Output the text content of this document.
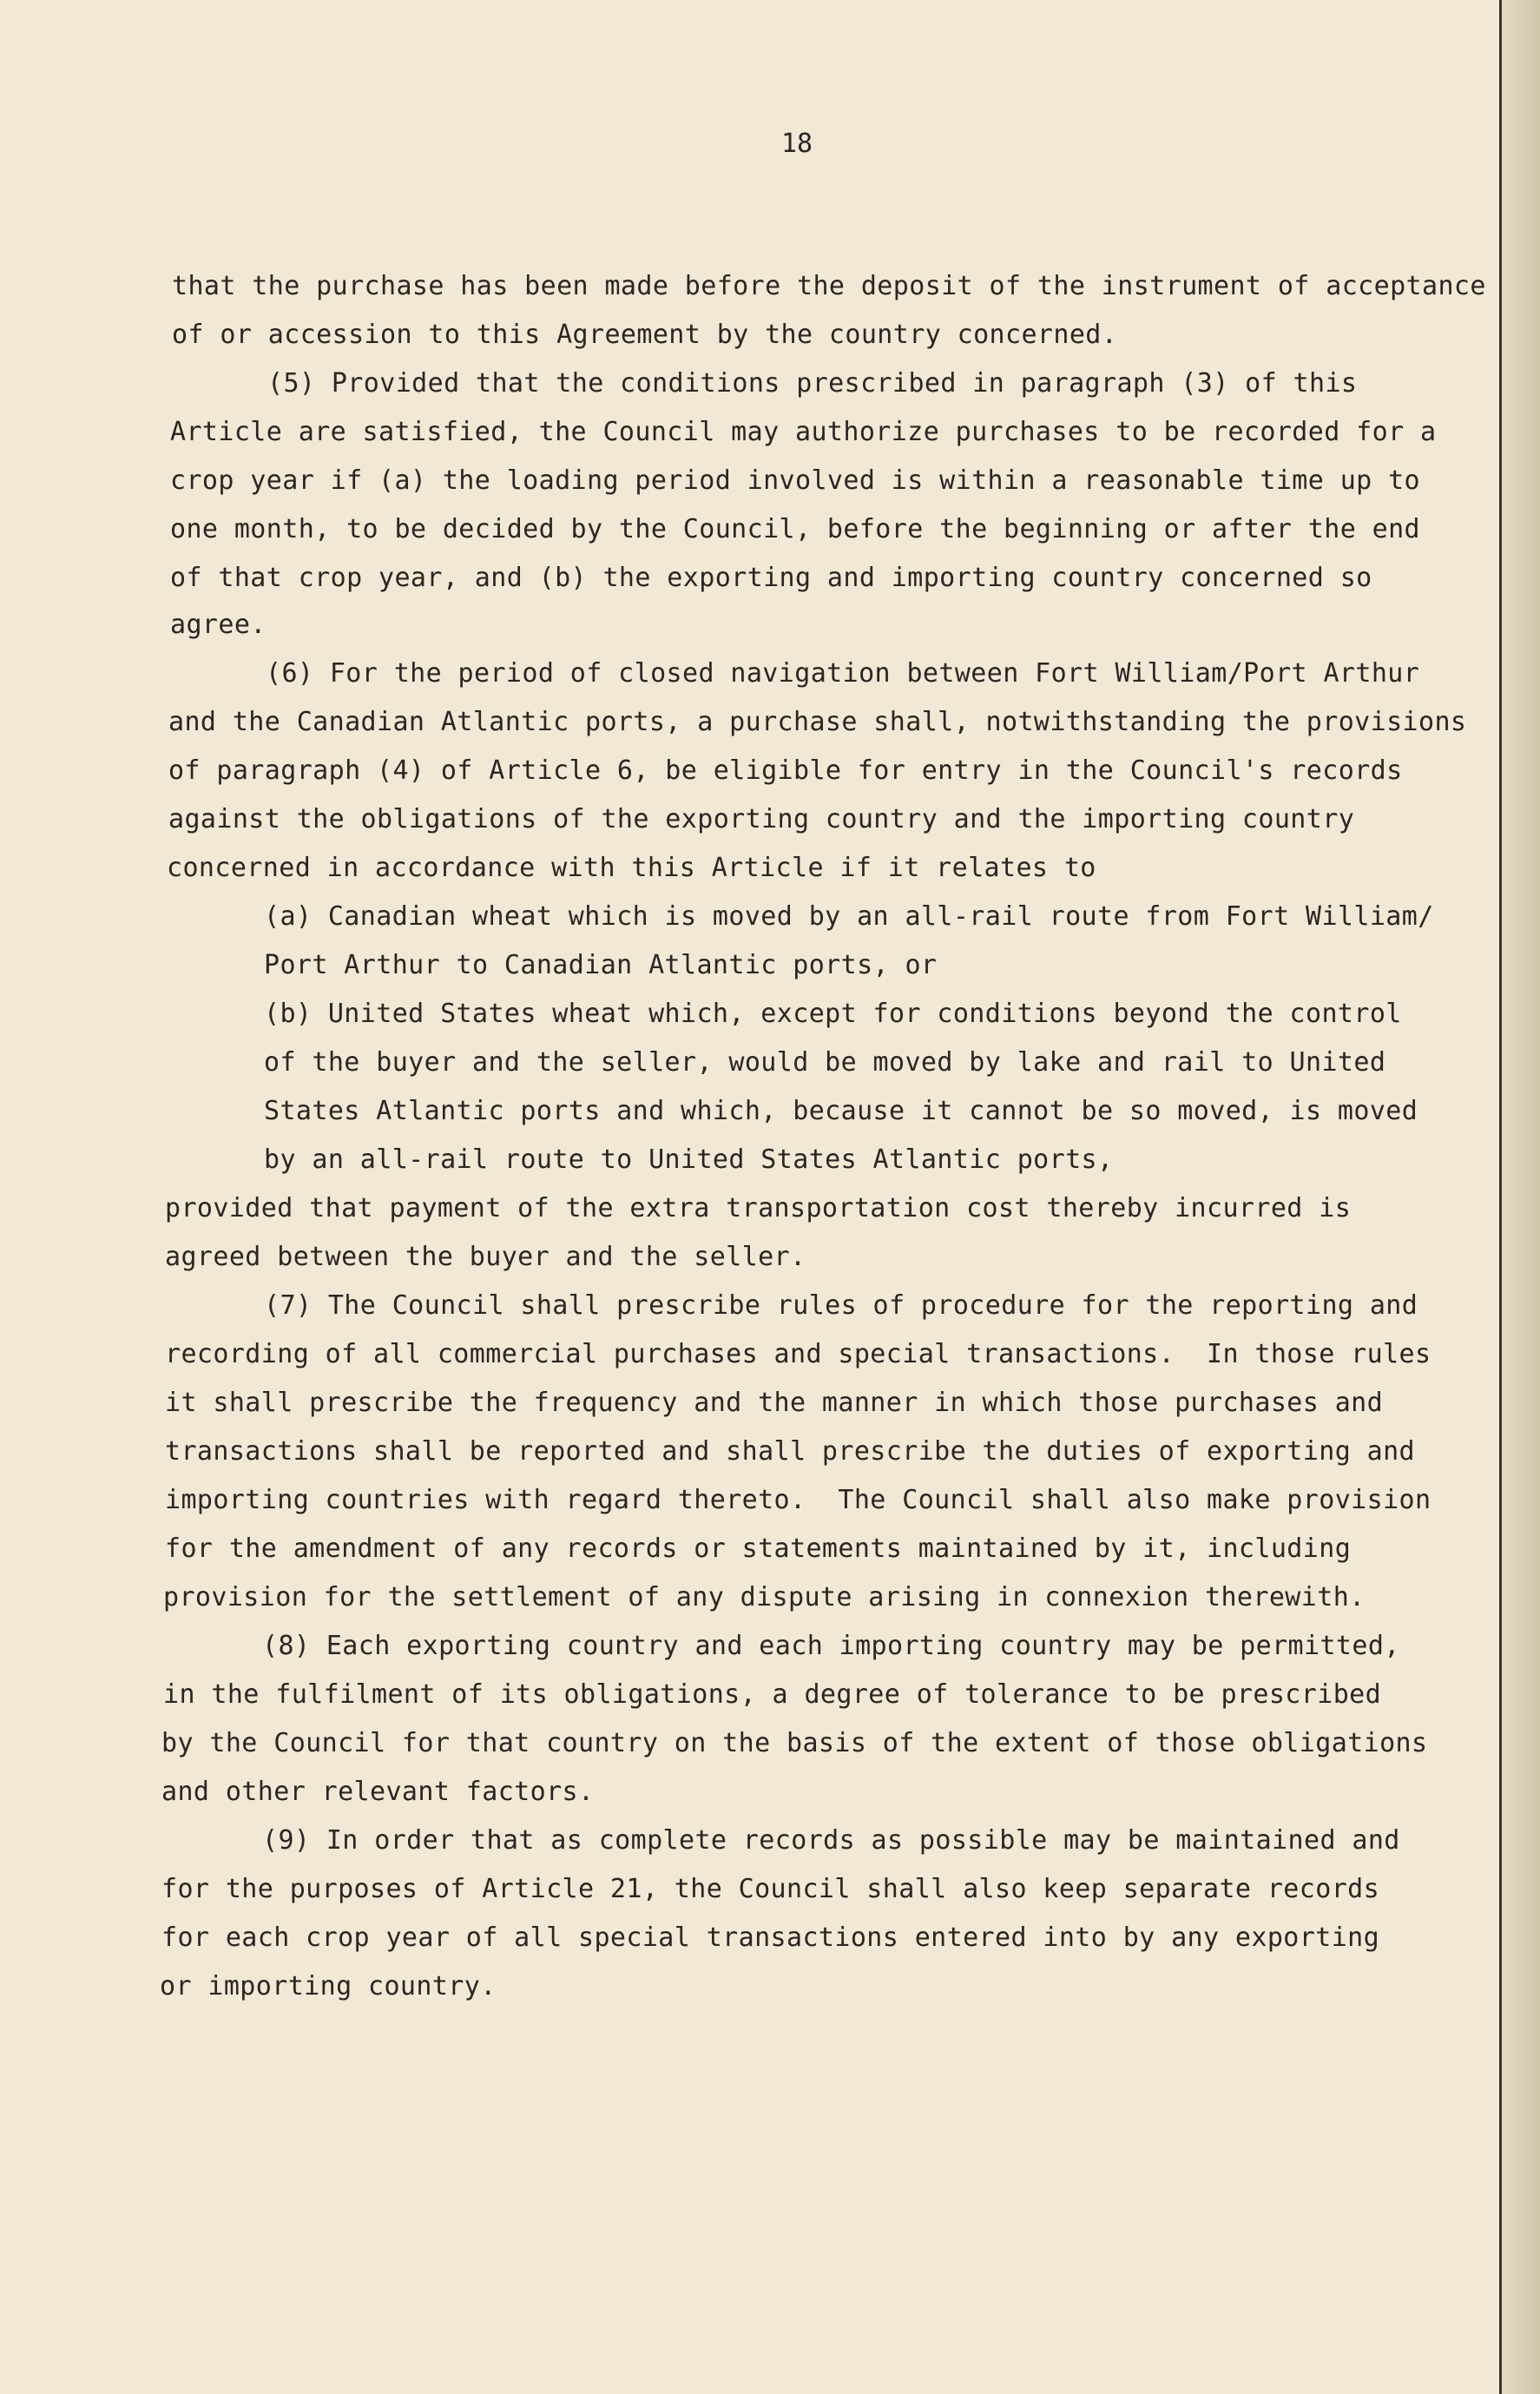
18
that the purchase has been made before the deposit of the instrument of acceptance
of or accession to this Agreement by the country concerned.
(5) Provided that the conditions prescribed in paragraph (3) of this
Article are satisfied, the Council may authorize purchases to be recorded for a
crop year if (a) the loading period involved is within a reasonable time up to
one month, to be decided by the Council, before the beginning or after the end
of that crop year, and (b) the exporting and importing country concerned so
agree.
(6) For the period of closed navigation between Fort William/Port Arthur
and the Canadian Atlantic ports, a purchase shall, notwithstanding the provisions
of paragraph (4) of Article 6, be eligible for entry in the Council's records
against the obligations of the exporting country and the importing country
concerned in accordance with this Article if it relates to
(a) Canadian wheat which is moved by an all-rail route from Fort William/
Port Arthur to Canadian Atlantic ports, or
(b) United States wheat which, except for conditions beyond the control
of the buyer and the seller, would be moved by lake and rail to United
States Atlantic ports and which, because it cannot be so moved, is moved
by an all-rail route to United States Atlantic ports,
provided that payment of the extra transportation cost thereby incurred is
agreed between the buyer and the seller.
(7) The Council shall prescribe rules of procedure for the reporting and
recording of all commercial purchases and special transactions.  In those rules
it shall prescribe the frequency and the manner in which those purchases and
transactions shall be reported and shall prescribe the duties of exporting and
importing countries with regard thereto.  The Council shall also make provision
for the amendment of any records or statements maintained by it, including
provision for the settlement of any dispute arising in connexion therewith.
(8) Each exporting country and each importing country may be permitted,
in the fulfilment of its obligations, a degree of tolerance to be prescribed
by the Council for that country on the basis of the extent of those obligations
and other relevant factors.
(9) In order that as complete records as possible may be maintained and
for the purposes of Article 21, the Council shall also keep separate records
for each crop year of all special transactions entered into by any exporting
or importing country.
